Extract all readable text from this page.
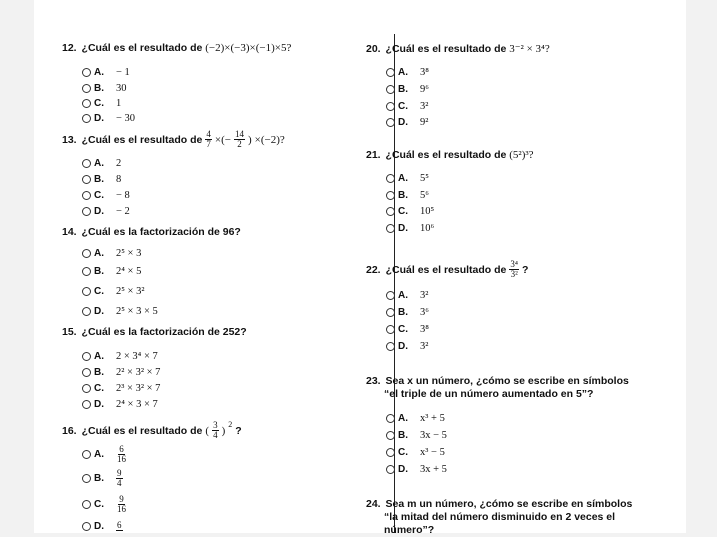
12. ¿Cuál es el resultado de (−2)×(−3)×(−1)×5?
A.	− 1
B.	30
C.	1
D.	− 30
13. ¿Cuál es el resultado de $\frac{4}{7}$ ×(− $\frac{14}{2}$ ) ×(−2)?
A.	2
B.	8
C.	− 8
D.	− 2
14. ¿Cuál es la factorización de 96?
A.	2⁵ × 3
B.	2⁴ × 5
C.	2⁵ × 3²
D.	2⁵ × 3 × 5
15. ¿Cuál es la factorización de 252?
A.	2 × 3⁴ × 7
B.	2² × 3² × 7
C.	2³ × 3² × 7
D.	2⁴ × 3 × 7
16. ¿Cuál es el resultado de ( $\frac{3}{4}$ )
$^2$
?
A.	$\frac{6}{16}$
B.	$\frac{9}{4}$
C.	$\frac{9}{16}$
D.	6
20. ¿Cuál es el resultado de 3⁻² × 3⁴?
A.	3⁸
B.	9⁶
C.	3²
D.	9²
21. ¿Cuál es el resultado de (5²)³?
A.	5⁵
B.	5⁶
C.	10⁵
D.	10⁶
22. ¿Cuál es el resultado de $\frac{\text{3⁴}}{\text{3²}}$ ?
A.	3²
B.	3⁶
C.	3⁸
D.	3²
23. Sea x un número, ¿cómo se escribe en símbolos
“el triple de un número aumentado en 5”?
A.	x³ + 5
B.	3x − 5
C.	x³ − 5
D.	3x + 5
24. Sea m un número, ¿cómo se escribe en símbolos
“la mitad del número disminuido en 2 veces el
número”?
